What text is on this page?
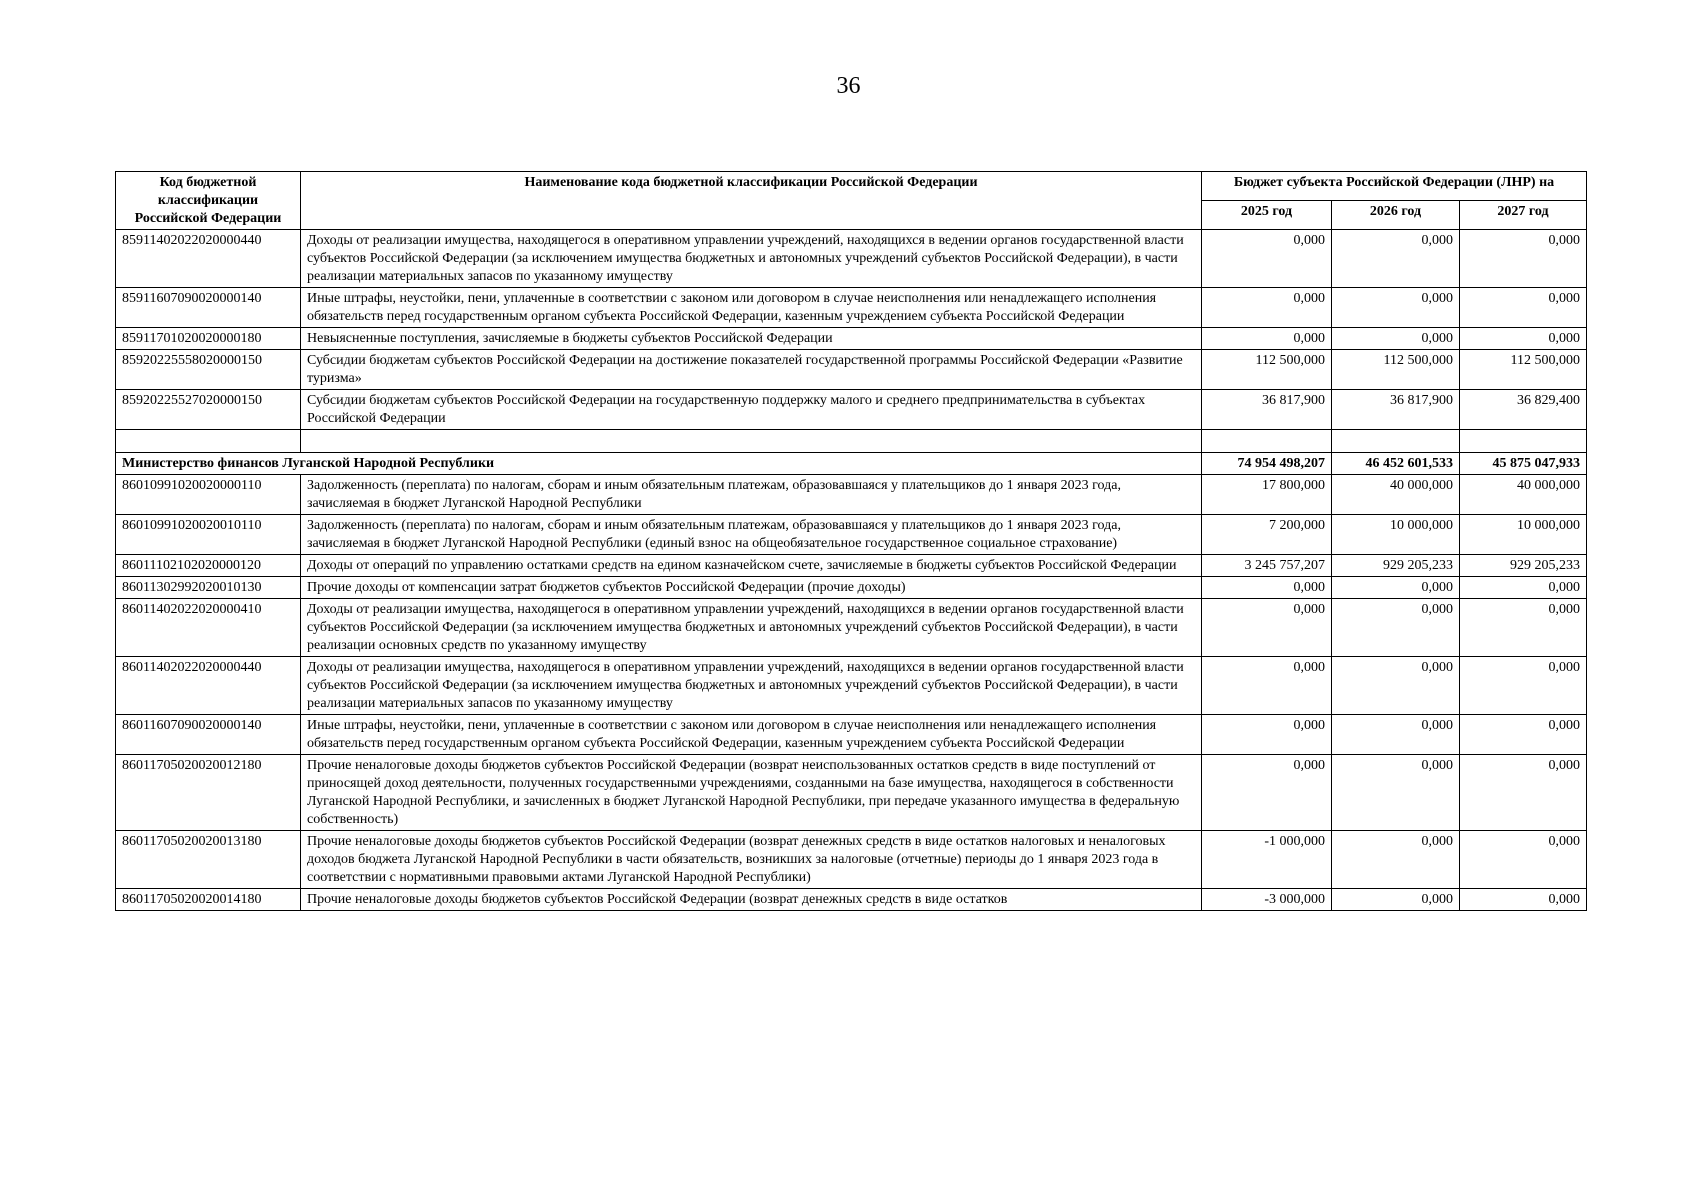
36
Код бюджетной классификации Российской Федерации	Наименование кода бюджетной классификации Российской Федерации	Бюджет субъекта Российской Федерации (ЛНР) на		
		2025 год	2026 год	2027 год
85911402022020000440	Доходы от реализации имущества, находящегося в оперативном управлении учреждений, находящихся в ведении органов государственной власти субъектов Российской Федерации (за исключением имущества бюджетных и автономных учреждений субъектов Российской Федерации), в части реализации материальных запасов по указанному имуществу	0,000	0,000	0,000
85911607090020000140	Иные штрафы, неустойки, пени, уплаченные в соответствии с законом или договором в случае неисполнения или ненадлежащего исполнения обязательств перед государственным органом субъекта Российской Федерации, казенным учреждением субъекта Российской Федерации	0,000	0,000	0,000
85911701020020000180	Невыясненные поступления, зачисляемые в бюджеты субъектов Российской Федерации	0,000	0,000	0,000
85920225558020000150	Субсидии бюджетам субъектов Российской Федерации на достижение показателей государственной программы Российской Федерации «Развитие туризма»	112 500,000	112 500,000	112 500,000
85920225527020000150	Субсидии бюджетам субъектов Российской Федерации на государственную поддержку малого и среднего предпринимательства в субъектах Российской Федерации	36 817,900	36 817,900	36 829,400

Министерство финансов Луганской Народной Республики		74 954 498,207	46 452 601,533	45 875 047,933
86010991020020000110	Задолженность (переплата) по налогам, сборам и иным обязательным платежам, образовавшаяся у плательщиков до 1 января 2023 года, зачисляемая в бюджет Луганской Народной Республики	17 800,000	40 000,000	40 000,000
86010991020020010110	Задолженность (переплата) по налогам, сборам и иным обязательным платежам, образовавшаяся у плательщиков до 1 января 2023 года, зачисляемая в бюджет Луганской Народной Республики (единый взнос на общеобязательное государственное социальное страхование)	7 200,000	10 000,000	10 000,000
86011102102020000120	Доходы от операций по управлению остатками средств на едином казначейском счете, зачисляемые в бюджеты субъектов Российской Федерации	3 245 757,207	929 205,233	929 205,233
86011302992020010130	Прочие доходы от компенсации затрат бюджетов субъектов Российской Федерации (прочие доходы)	0,000	0,000	0,000
86011402022020000410	Доходы от реализации имущества, находящегося в оперативном управлении учреждений, находящихся в ведении органов государственной власти субъектов Российской Федерации (за исключением имущества бюджетных и автономных учреждений субъектов Российской Федерации), в части реализации основных средств по указанному имуществу	0,000	0,000	0,000
86011402022020000440	Доходы от реализации имущества, находящегося в оперативном управлении учреждений, находящихся в ведении органов государственной власти субъектов Российской Федерации (за исключением имущества бюджетных и автономных учреждений субъектов Российской Федерации), в части реализации материальных запасов по указанному имуществу	0,000	0,000	0,000
86011607090020000140	Иные штрафы, неустойки, пени, уплаченные в соответствии с законом или договором в случае неисполнения или ненадлежащего исполнения обязательств перед государственным органом субъекта Российской Федерации, казенным учреждением субъекта Российской Федерации	0,000	0,000	0,000
86011705020020012180	Прочие неналоговые доходы бюджетов субъектов Российской Федерации (возврат неиспользованных остатков средств в виде поступлений от приносящей доход деятельности, полученных государственными учреждениями, созданными на базе имущества, находящегося в собственности Луганской Народной Республики, и зачисленных в бюджет Луганской Народной Республики, при передаче указанного имущества в федеральную собственность)	0,000	0,000	0,000
86011705020020013180	Прочие неналоговые доходы бюджетов субъектов Российской Федерации (возврат денежных средств в виде остатков налоговых и неналоговых доходов бюджета Луганской Народной Республики в части обязательств, возникших за налоговые (отчетные) периоды до 1 января 2023 года в соответствии с нормативными правовыми актами Луганской Народной Республики)	-1 000,000	0,000	0,000
86011705020020014180	Прочие неналоговые доходы бюджетов субъектов Российской Федерации (возврат денежных средств в виде остатков	-3 000,000	0,000	0,000
